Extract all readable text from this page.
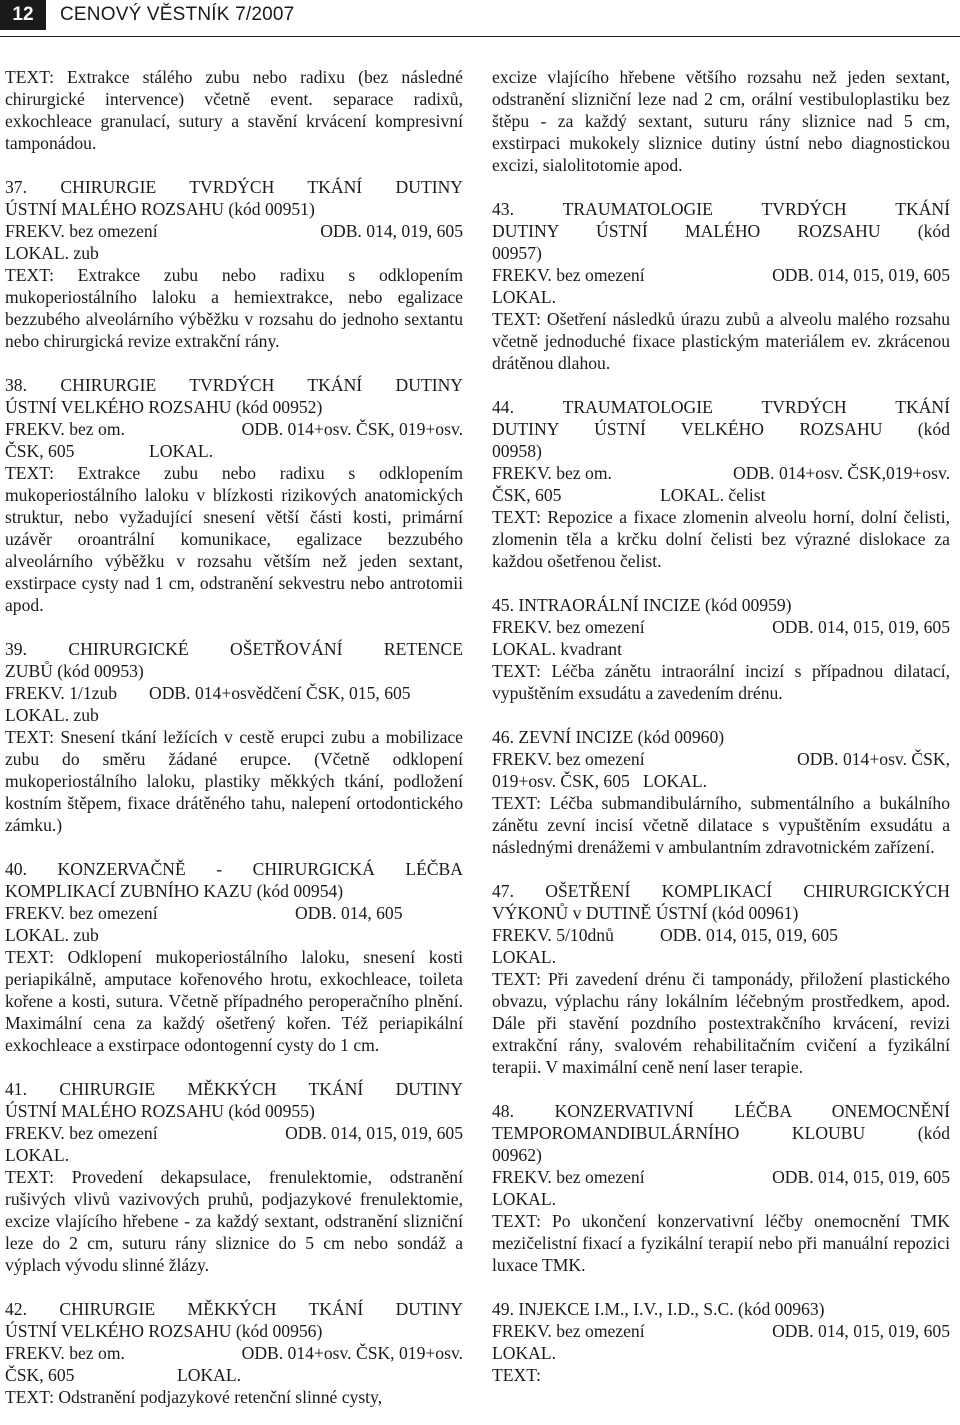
12	CENOVÝ VĚSTNÍK 7/2007

TEXT: Extrakce stálého zubu nebo radixu (bez následné chirurgické intervence) včetně event. separace radixů, exkochleace granulací, sutury a stavění krvácení kompresivní tamponádou.

37. CHIRURGIE TVRDÝCH TKÁNÍ DUTINY

ÚSTNÍ MALÉHO ROZSAHU (kód 00951)

FREKV. bez omezení	ODB. 014, 019, 605

LOKAL. zub

TEXT: Extrakce zubu nebo radixu s odklopením mukoperiostálního laloku a hemiextrakce, nebo egalizace bezzubého alveolárního výběžku v rozsahu do jednoho sextantu nebo chirurgická revize extrakční rány.

38. CHIRURGIE TVRDÝCH TKÁNÍ DUTINY

ÚSTNÍ VELKÉHO ROZSAHU (kód 00952)

FREKV. bez om.	ODB. 014+osv. ČSK, 019+osv.

ČSK, 605	LOKAL.

TEXT: Extrakce zubu nebo radixu s odklopením mukoperiostálního laloku v blízkosti rizikových anatomických struktur, nebo vyžadující snesení větší části kosti, primární uzávěr oroantrální komunikace, egalizace bezzubého alveolárního výběžku v rozsahu větším než jeden sextant, exstirpace cysty nad 1 cm, odstranění sekvestru nebo antrotomii apod.

39. CHIRURGICKÉ OŠETŘOVÁNÍ RETENCE

ZUBŮ (kód 00953)

FREKV. 1/1zub ODB. 014+osvědčení ČSK, 015, 605

LOKAL. zub

TEXT: Snesení tkání ležících v cestě erupci zubu a mobilizace zubu do směru žádané erupce. (Včetně odklopení mukoperiostálního laloku, plastiky měkkých tkání, podložení kostním štěpem, fixace drátěného tahu, nalepení ortodontického zámku.)

40. KONZERVAČNĚ - CHIRURGICKÁ LÉČBA

KOMPLIKACÍ ZUBNÍHO KAZU (kód 00954)

FREKV. bez omezení	ODB. 014, 605

LOKAL. zub

TEXT: Odklopení mukoperiostálního laloku, snesení kosti periapikálně, amputace kořenového hrotu, exkochleace, toileta kořene a kosti, sutura. Včetně případného peroperačního plnění. Maximální cena za každý ošetřený kořen. Též periapikální exkochleace a exstirpace odontogenní cysty do 1 cm.

41. CHIRURGIE MĚKKÝCH TKÁNÍ DUTINY

ÚSTNÍ MALÉHO ROZSAHU (kód 00955)

FREKV. bez omezení	ODB. 014, 015, 019, 605

LOKAL.

TEXT: Provedení dekapsulace, frenulektomie, odstranění rušivých vlivů vazivových pruhů, podjazykové frenulektomie, excize vlajícího hřebene - za každý sextant, odstranění slizniční leze do 2 cm, suturu rány sliznice do 5 cm nebo sondáž a výplach vývodu slinné žlázy.

42. CHIRURGIE MĚKKÝCH TKÁNÍ DUTINY

ÚSTNÍ VELKÉHO ROZSAHU (kód 00956)

FREKV. bez om.	ODB. 014+osv. ČSK, 019+osv.

ČSK, 605	LOKAL.

TEXT: Odstranění podjazykové retenční slinné cysty,

excize vlajícího hřebene většího rozsahu než jeden sextant, odstranění slizniční leze nad 2 cm, orální vestibuloplastiku bez štěpu - za každý sextant, suturu rány sliznice nad 5 cm, exstirpaci mukokely sliznice dutiny ústní nebo diagnostickou excizi, sialolitotomie apod.

43. TRAUMATOLOGIE TVRDÝCH TKÁNÍ

DUTINY ÚSTNÍ MALÉHO ROZSAHU (kód

00957)

FREKV. bez omezení	ODB. 014, 015, 019, 605

LOKAL.

TEXT: Ošetření následků úrazu zubů a alveolu malého rozsahu včetně jednoduché fixace plastickým materiálem ev. zkrácenou drátěnou dlahou.

44. TRAUMATOLOGIE TVRDÝCH TKÁNÍ

DUTINY ÚSTNÍ VELKÉHO ROZSAHU (kód

00958)

FREKV. bez om.	ODB. 014+osv. ČSK,019+osv.

ČSK, 605	LOKAL. čelist

TEXT: Repozice a fixace zlomenin alveolu horní, dolní čelisti, zlomenin těla a krčku dolní čelisti bez výrazné dislokace za každou ošetřenou čelist.

45. INTRAORÁLNÍ INCIZE (kód 00959)

FREKV. bez omezení	ODB. 014, 015, 019, 605

LOKAL. kvadrant

TEXT: Léčba zánětu intraorální incizí s případnou dilatací, vypuštěním exsudátu a zavedením drénu.

46. ZEVNÍ INCIZE (kód 00960)

FREKV. bez omezení	ODB. 014+osv. ČSK,

019+osv. ČSK, 605   LOKAL.

TEXT: Léčba submandibulárního, submentálního a bukálního zánětu zevní incisí včetně dilatace s vypuštěním exsudátu a následnými drenážemi v ambulantním zdravotnickém zařízení.

47. OŠETŘENÍ KOMPLIKACÍ CHIRURGICKÝCH

VÝKONŮ v DUTINĚ ÚSTNÍ (kód 00961)

FREKV. 5/10dnů	ODB. 014, 015, 019, 605

LOKAL.

TEXT: Při zavedení drénu či tamponády, přiložení plastického obvazu, výplachu rány lokálním léčebným prostředkem, apod. Dále při stavění pozdního postextrakčního krvácení, revizi extrakční rány, svalovém rehabilitačním cvičení a fyzikální terapii. V maximální ceně není laser terapie.

48. KONZERVATIVNÍ LÉČBA ONEMOCNĚNÍ

TEMPOROMANDIBULÁRNÍHO KLOUBU (kód

00962)

FREKV. bez omezení	ODB. 014, 015, 019, 605

LOKAL.

TEXT: Po ukončení konzervativní léčby onemocnění TMK mezičelistní fixací a fyzikální terapií nebo při manuální repozici luxace TMK.

49. INJEKCE I.M., I.V., I.D., S.C. (kód 00963)

FREKV. bez omezení	ODB. 014, 015, 019, 605

LOKAL.

TEXT:
